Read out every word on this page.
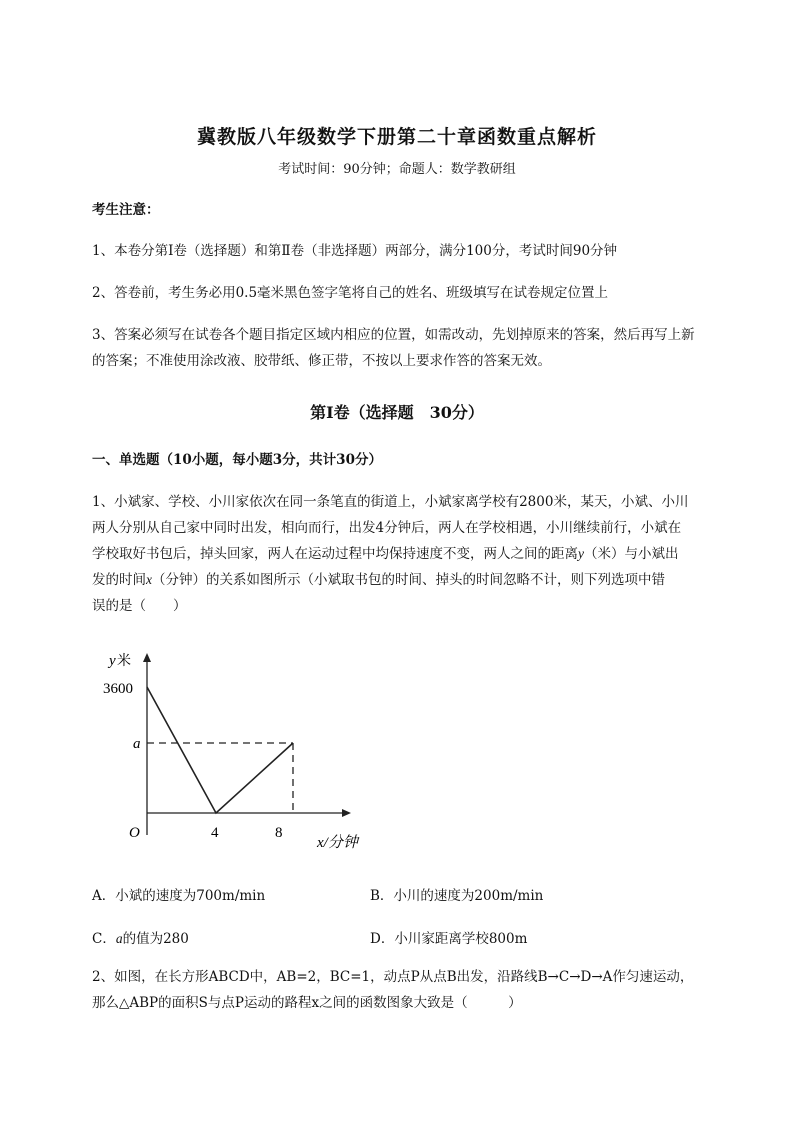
冀教版八年级数学下册第二十章函数重点解析
考试时间：90分钟；命题人：数学教研组
考生注意：
1、本卷分第I卷（选择题）和第Ⅱ卷（非选择题）两部分，满分100分，考试时间90分钟
2、答卷前，考生务必用0.5毫米黑色签字笔将自己的姓名、班级填写在试卷规定位置上
3、答案必须写在试卷各个题目指定区域内相应的位置，如需改动，先划掉原来的答案，然后再写上新
的答案；不准使用涂改液、胶带纸、修正带，不按以上要求作答的答案无效。
第I卷（选择题　30分）
一、单选题（10小题，每小题3分，共计30分）
1、小斌家、学校、小川家依次在同一条笔直的街道上，小斌家离学校有2800米，某天，小斌、小川
两人分别从自己家中同时出发，相向而行，出发4分钟后，两人在学校相遇，小川继续前行，小斌在
学校取好书包后，掉头回家，两人在运动过程中均保持速度不变，两人之间的距离y（米）与小斌出
发的时间x（分钟）的关系如图所示（小斌取书包的时间、掉头的时间忽略不计，则下列选项中错
误的是（　　）
y 米
3600
a
O	4	8
x/分钟
A．小斌的速度为700m/min	B．小川的速度为200m/min
C．a的值为280	D．小川家距离学校800m
2、如图，在长方形ABCD中，AB=2，BC=1，动点P从点B出发，沿路线B→C→D→A作匀速运动，
那么△ABP的面积S与点P运动的路程x之间的函数图象大致是（　　　）
